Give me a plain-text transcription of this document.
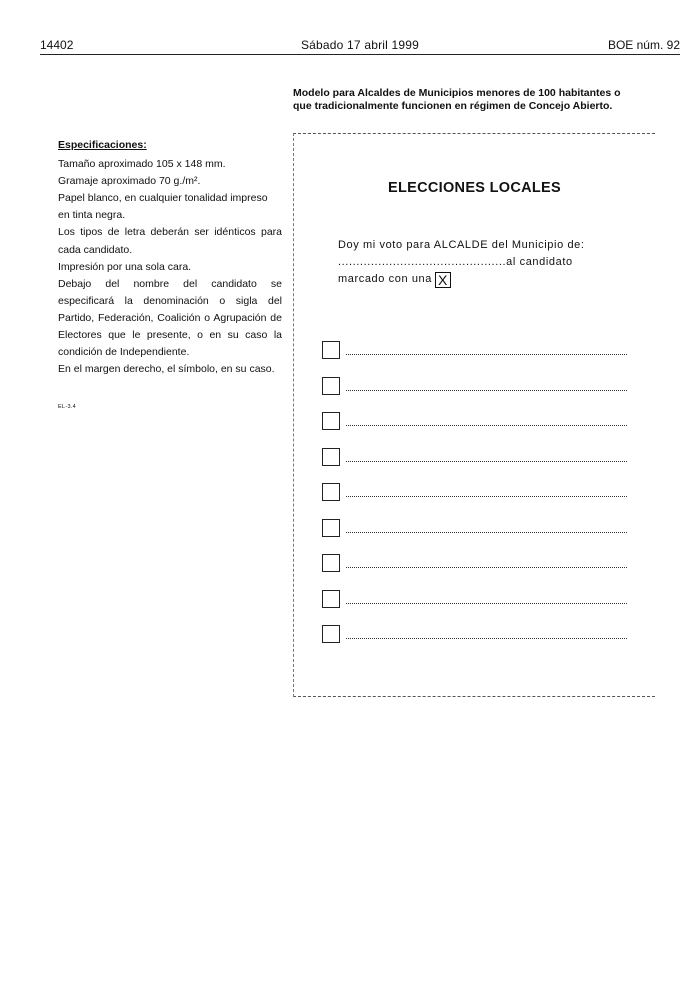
14402	Sábado 17 abril 1999	BOE núm. 92
Modelo para Alcaldes de Municipios menores de 100 habitantes o
que tradicionalmente funcionen en régimen de Concejo Abierto.
Especificaciones:

Tamaño aproximado 105 x 148 mm.

Gramaje aproximado 70 g./m².

Papel blanco, en cualquier tonalidad impreso en tinta negra.

Los tipos de letra deberán ser idénticos para cada candidato.

Impresión por una sola cara.

Debajo del nombre del candidato se especificará la denominación o sigla del Partido, Federación, Coalición o Agrupación de Electores que le presente, o en su caso la condición de Independiente.

En el margen derecho, el símbolo, en su caso.

EL-3.4
ELECCIONES LOCALES
Doy mi voto para ALCALDE del Municipio de:
..............................................al candidato
marcado con una X
